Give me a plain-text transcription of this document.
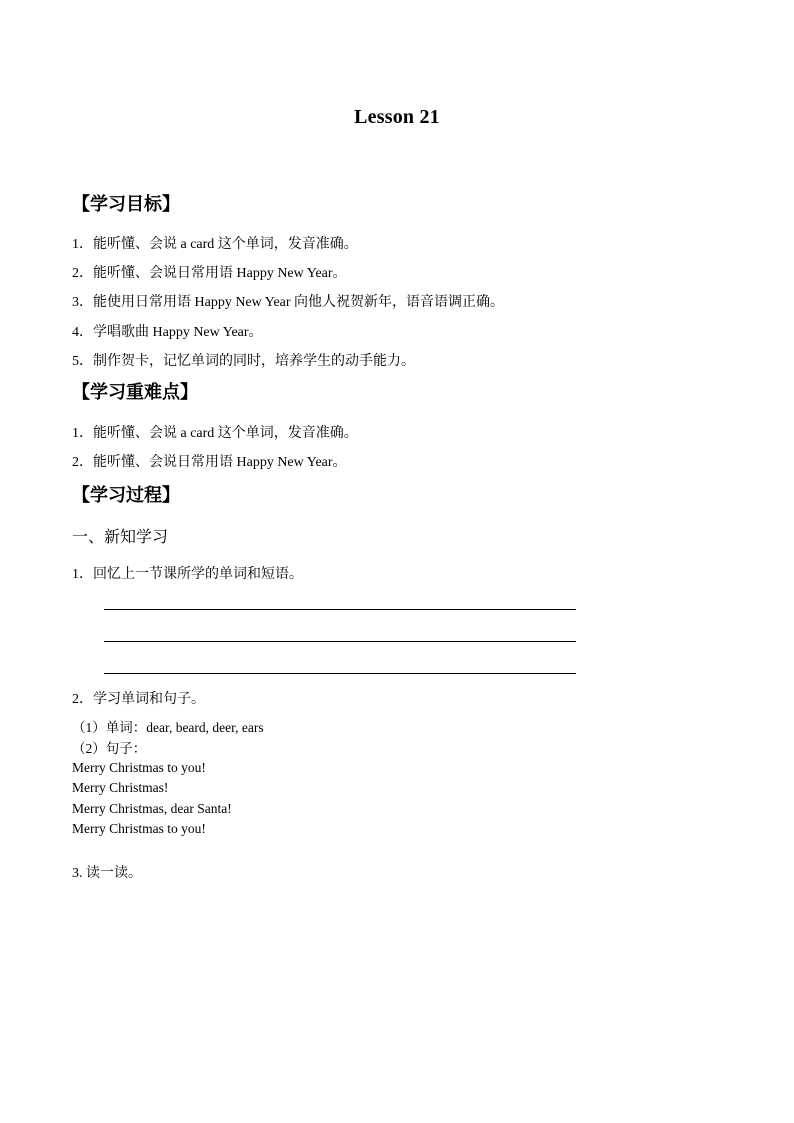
Lesson 21
【学习目标】
1．能听懂、会说 a card 这个单词，发音准确。
2．能听懂、会说日常用语 Happy New Year。
3．能使用日常用语 Happy New Year 向他人祝贺新年，语音语调正确。
4．学唱歌曲 Happy New Year。
5．制作贺卡，记忆单词的同时，培养学生的动手能力。
【学习重难点】
1．能听懂、会说 a card 这个单词，发音准确。
2．能听懂、会说日常用语 Happy New Year。
【学习过程】
一、新知学习
1．回忆上一节课所学的单词和短语。
2．学习单词和句子。
（1）单词：dear, beard, deer, ears
（2）句子：
Merry Christmas to you!
Merry Christmas!
Merry Christmas, dear Santa!
Merry Christmas to you!
3. 读一读。
